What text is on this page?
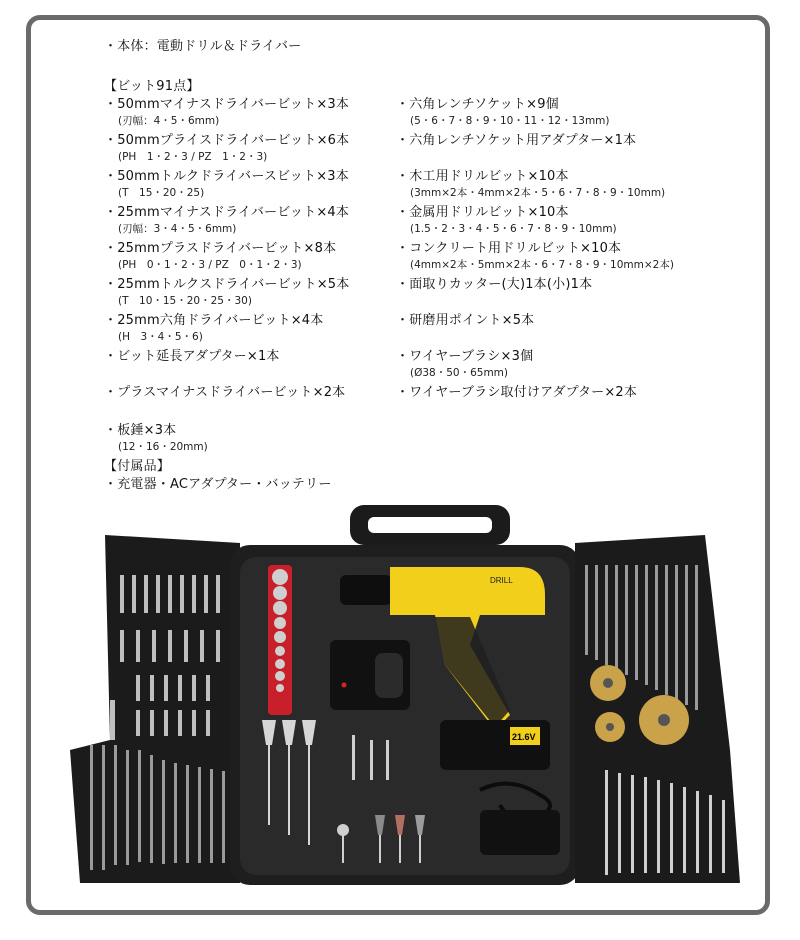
・本体：電動ドリル＆ドライバー
【ビット91点】
・50mmマイナスドライバービット×3本
(刃幅：4・5・6mm)
・50mmプライスドライバービット×6本
(PH　1・2・3 / PZ　1・2・3)
・50mmトルクドライバースビット×3本
(T　15・20・25)
・25mmマイナスドライバービット×4本
(刃幅：3・4・5・6mm)
・25mmプラスドライバービット×8本
(PH　0・1・2・3 / PZ　0・1・2・3)
・25mmトルクスドライバービット×5本
(T　10・15・20・25・30)
・25mm六角ドライバービット×4本
(H　3・4・5・6)
・ビット延長アダプター×1本
・プラスマイナスドライバービット×2本
・板錘×3本
(12・16・20mm)
・六角レンチソケット×9個
(5・6・7・8・9・10・11・12・13mm)
・六角レンチソケット用アダプター×1本
・木工用ドリルビット×10本
(3mm×2本・4mm×2本・5・6・7・8・9・10mm)
・金属用ドリルビット×10本
(1.5・2・3・4・5・6・7・8・9・10mm)
・コンクリート用ドリルビット×10本
(4mm×2本・5mm×2本・6・7・8・9・10mm×2本)
・面取りカッター(大)1本(小)1本
・研磨用ポイント×5本
・ワイヤーブラシ×3個
(Ø38・50・65mm)
・ワイヤーブラシ取付けアダプター×2本
【付属品】
・充電器・ACアダプター・バッテリー
DRILL
21.6V
